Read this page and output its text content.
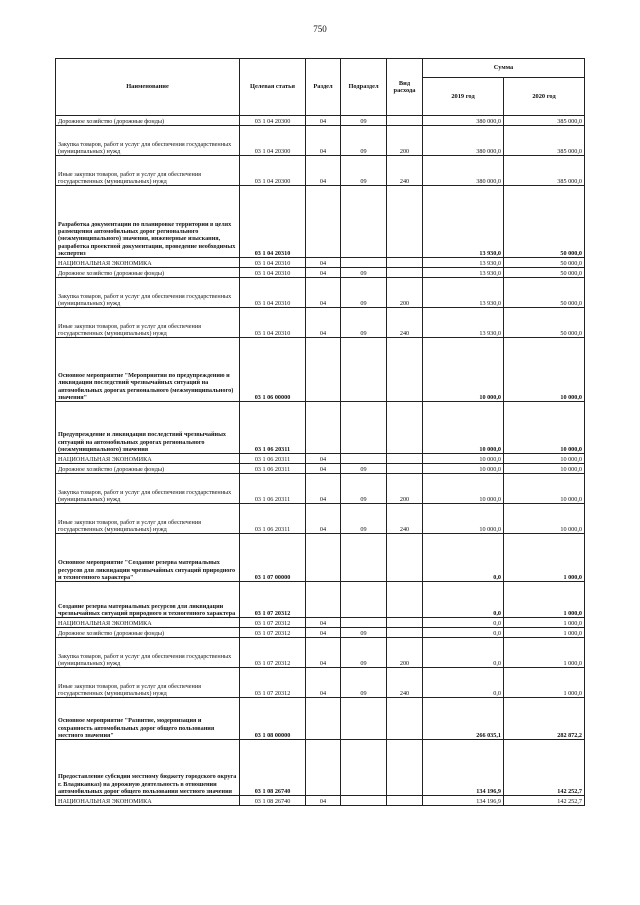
750
Наименование	Целевая статья	Раздел	Подраздел	Вид расхода	Сумма	
					2019 год	2020 год
Дорожное хозяйство (дорожные фонды)	03 1 04 20300	04	09		380 000,0	385 000,0
Закупка товаров, работ и услуг для обеспечения государственных (муниципальных) нужд	03 1 04 20300	04	09	200	380 000,0	385 000,0
Иные закупки товаров, работ и услуг для обеспечения государственных (муниципальных) нужд	03 1 04 20300	04	09	240	380 000,0	385 000,0
Разработка документации по планировке территории в целях размещения автомобильных дорог регионального (межмуниципального) значения, инженерные изыскания, разработка проектной документации, проведение необходимых экспертиз	03 1 04 20310				13 930,0	50 000,0
НАЦИОНАЛЬНАЯ ЭКОНОМИКА	03 1 04 20310	04			13 930,0	50 000,0
Дорожное хозяйство (дорожные фонды)	03 1 04 20310	04	09		13 930,0	50 000,0
Закупка товаров, работ и услуг для обеспечения государственных (муниципальных) нужд	03 1 04 20310	04	09	200	13 930,0	50 000,0
Иные закупки товаров, работ и услуг для обеспечения государственных (муниципальных) нужд	03 1 04 20310	04	09	240	13 930,0	50 000,0
Основное мероприятие "Мероприятия по предупреждению и ликвидации последствий чрезвычайных ситуаций на автомобильных дорогах регионального (межмуниципального) значения"	03 1 06 00000				10 000,0	10 000,0
Предупреждение и ликвидация последствий чрезвычайных ситуаций на автомобильных дорогах регионального (межмуниципального) значения	03 1 06 20311				10 000,0	10 000,0
НАЦИОНАЛЬНАЯ ЭКОНОМИКА	03 1 06 20311	04			10 000,0	10 000,0
Дорожное хозяйство (дорожные фонды)	03 1 06 20311	04	09		10 000,0	10 000,0
Закупка товаров, работ и услуг для обеспечения государственных (муниципальных) нужд	03 1 06 20311	04	09	200	10 000,0	10 000,0
Иные закупки товаров, работ и услуг для обеспечения государственных (муниципальных) нужд	03 1 06 20311	04	09	240	10 000,0	10 000,0
Основное мероприятие "Создание резерва материальных ресурсов для ликвидации чрезвычайных ситуаций природного и техногенного характера"	03 1 07 00000				0,0	1 000,0
Создание резерва материальных ресурсов для ликвидации чрезвычайных ситуаций природного и техногенного характера	03 1 07 20312				0,0	1 000,0
НАЦИОНАЛЬНАЯ ЭКОНОМИКА	03 1 07 20312	04			0,0	1 000,0
Дорожное хозяйство (дорожные фонды)	03 1 07 20312	04	09		0,0	1 000,0
Закупка товаров, работ и услуг для обеспечения государственных (муниципальных) нужд	03 1 07 20312	04	09	200	0,0	1 000,0
Иные закупки товаров, работ и услуг для обеспечения государственных (муниципальных) нужд	03 1 07 20312	04	09	240	0,0	1 000,0
Основное мероприятие "Развитие, модернизация и сохранность автомобильных дорог общего пользования местного значения"	03 1 08 00000				266 035,1	282 872,2
Предоставление субсидии местному бюджету городского округа г. Владикавказ) на дорожную деятельность в отношении автомобильных дорог общего пользования местного значения	03 1 08 26740				134 196,9	142 252,7
НАЦИОНАЛЬНАЯ ЭКОНОМИКА	03 1 08 26740	04			134 196,9	142 252,7
